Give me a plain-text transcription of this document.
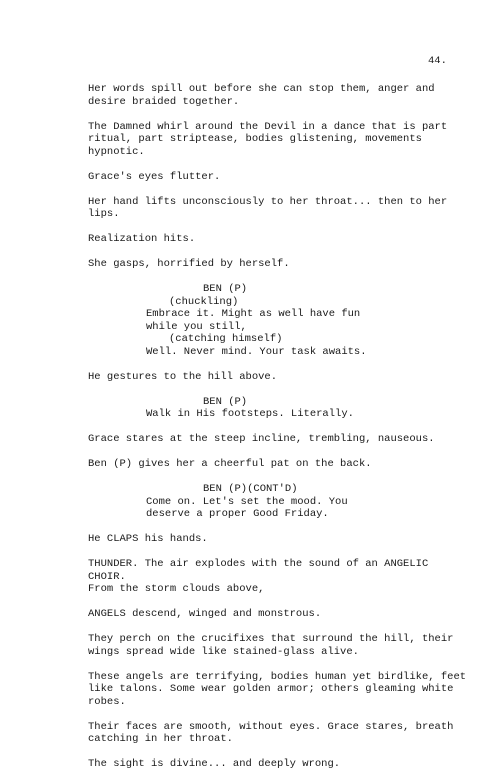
44.
Her words spill out before she can stop them, anger and
desire braided together.
The Damned whirl around the Devil in a dance that is part
ritual, part striptease, bodies glistening, movements
hypnotic.
Grace's eyes flutter.
Her hand lifts unconsciously to her throat... then to her
lips.
Realization hits.
She gasps, horrified by herself.
BEN (P)
(chuckling)
Embrace it. Might as well have fun
while you still,
(catching himself)
Well. Never mind. Your task awaits.
He gestures to the hill above.
BEN (P)
Walk in His footsteps. Literally.
Grace stares at the steep incline, trembling, nauseous.
Ben (P) gives her a cheerful pat on the back.
BEN (P)(CONT'D)
Come on. Let's set the mood. You
deserve a proper Good Friday.
He CLAPS his hands.
THUNDER. The air explodes with the sound of an ANGELIC CHOIR.
From the storm clouds above,
ANGELS descend, winged and monstrous.
They perch on the crucifixes that surround the hill, their
wings spread wide like stained-glass alive.
These angels are terrifying, bodies human yet birdlike, feet
like talons. Some wear golden armor; others gleaming white
robes.
Their faces are smooth, without eyes. Grace stares, breath
catching in her throat.
The sight is divine... and deeply wrong.
